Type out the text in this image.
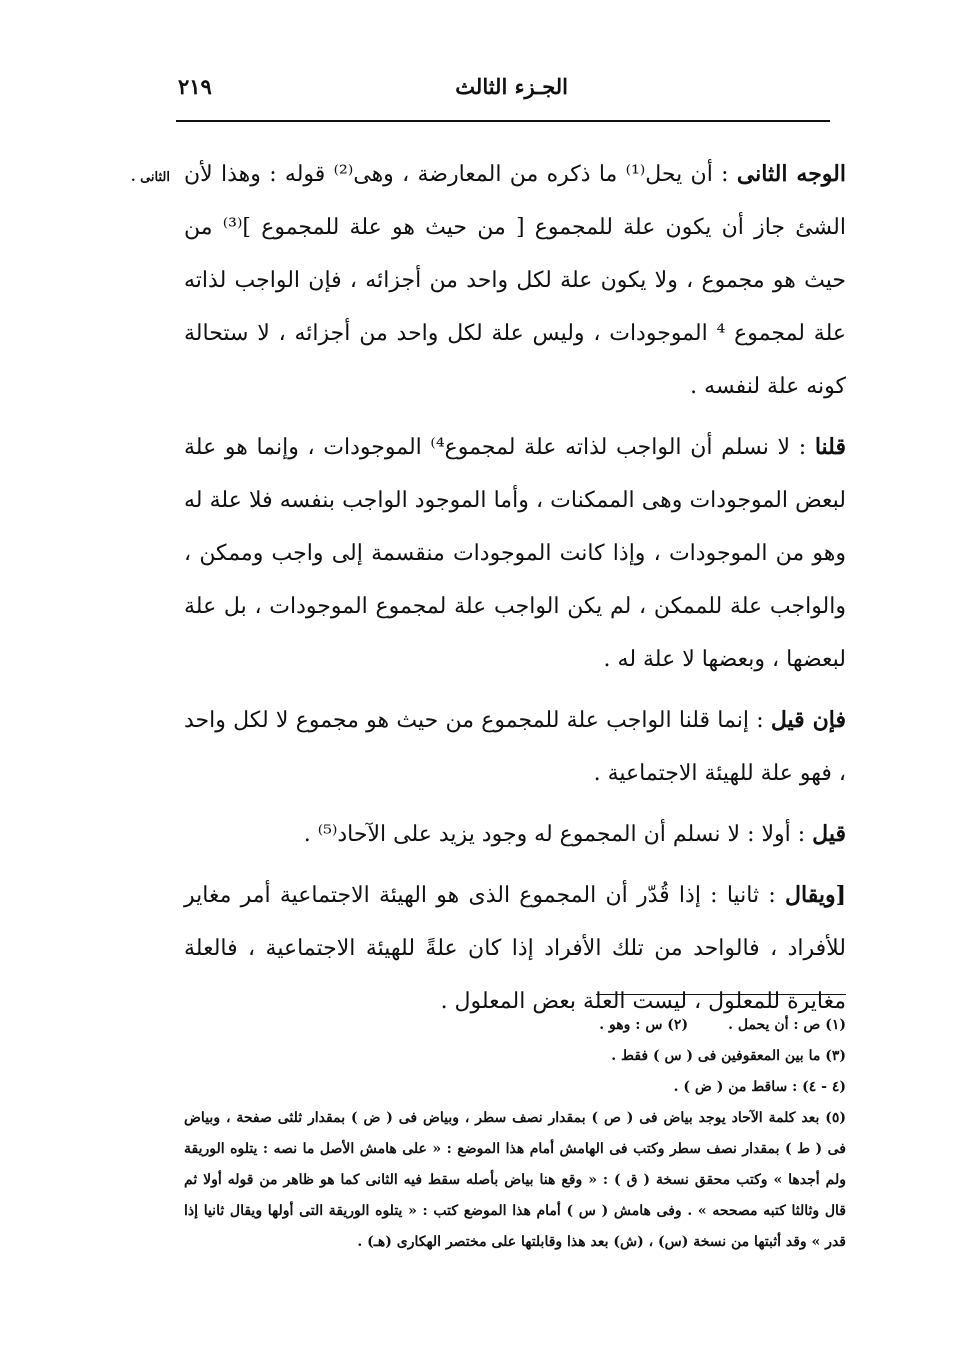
الجـزء الثالث
٢١٩
الثانى .	الوجه الثانى : أن يحل⁽¹⁾ ما ذكره من المعارضة ، وهى⁽²⁾ قوله : وهذا لأن الشئ جاز أن يكون علة للمجموع [ من حيث هو علة للمجموع ]⁽³⁾ من حيث هو مجموع ، ولا يكون علة لكل واحد من أجزائه ، فإن الواجب لذاته علة لمجموع ⁴ الموجودات ، وليس علة لكل واحد من أجزائه ، لا ستحالة كونه علة لنفسه .

قلنا : لا نسلم أن الواجب لذاته علة لمجموع⁴⁾ الموجودات ، وإنما هو علة لبعض الموجودات وهى الممكنات ، وأما الموجود الواجب بنفسه فلا علة له وهو من الموجودات ، وإذا كانت الموجودات منقسمة إلى واجب وممكن ، والواجب علة للممكن ، لم يكن الواجب علة لمجموع الموجودات ، بل علة لبعضها ، وبعضها لا علة له .

فإن قيل : إنما قلنا الواجب علة للمجموع من حيث هو مجموع لا لكل واحد ، فهو علة للهيئة الاجتماعية .

قيل : أولا : لا نسلم أن المجموع له وجود يزيد على الآحاد⁽⁵⁾ .

[ويقال : ثانيا : إذا قُدّر أن المجموع الذى هو الهيئة الاجتماعية أمر مغاير للأفراد ، فالواحد من تلك الأفراد إذا كان علةً للهيئة الاجتماعية ، فالعلة مغايرة للمعلول ، ليست العلة بعض المعلول .

(١) ص : أن يحمل .
(٢) س : وهو .

(٣) ما بين المعقوفين فى ( س ) فقط .

(٤ - ٤) : ساقط من ( ض ) .

(٥) بعد كلمة الآحاد يوجد بياض فى ( ص ) بمقدار نصف سطر ، وبياض فى ( ض ) بمقدار ثلثى صفحة ، وبياض فى ( ط ) بمقدار نصف سطر وكتب فى الهامش أمام هذا الموضع : « على هامش الأصل ما نصه : يتلوه الوريقة ولم أجدها » وكتب محقق نسخة ( ق ) : « وقع هنا بياض بأصله سقط فيه الثانى كما هو ظاهر من قوله أولا ثم قال وثالثا كتبه مصححه » . وفى هامش ( س ) أمام هذا الموضع كتب : « يتلوه الوريقة التى أولها ويقال ثانيا إذا قدر » وقد أثبتها من نسخة (س) ، (ش) بعد هذا وقابلتها على مختصر الهكارى (هـ) .
